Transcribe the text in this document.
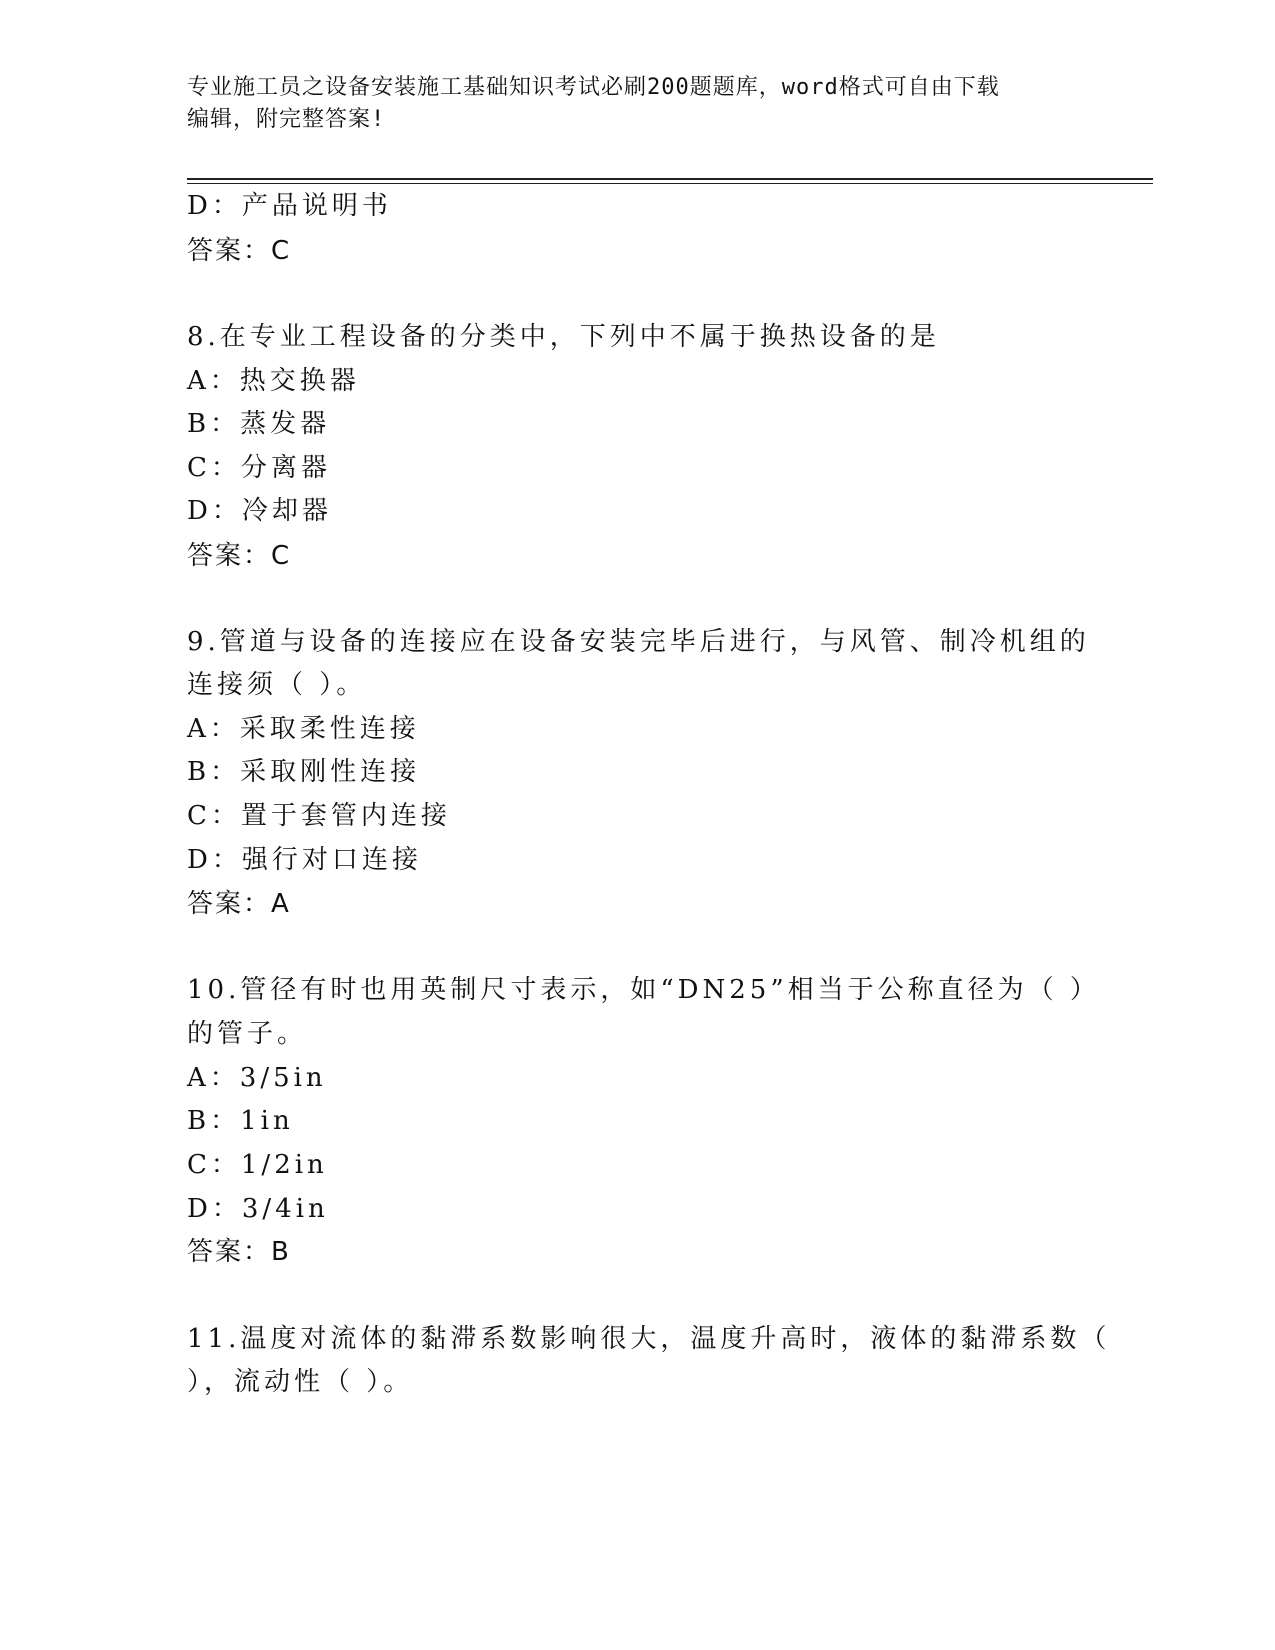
专业施工员之设备安装施工基础知识考试必刷200题题库，word格式可自由下载
编辑，附完整答案!
D：产品说明书
答案：C
8.在专业工程设备的分类中，下列中不属于换热设备的是
A：热交换器
B：蒸发器
C：分离器
D：冷却器
答案：C
9.管道与设备的连接应在设备安装完毕后进行，与风管、制冷机组的
连接须（ ）。
A：采取柔性连接
B：采取刚性连接
C：置于套管内连接
D：强行对口连接
答案：A
10.管径有时也用英制尺寸表示，如“DN25”相当于公称直径为（ ）
的管子。
A：3/5in
B：1in
C：1/2in
D：3/4in
答案：B
11.温度对流体的黏滞系数影响很大，温度升高时，液体的黏滞系数（
），流动性（ ）。
